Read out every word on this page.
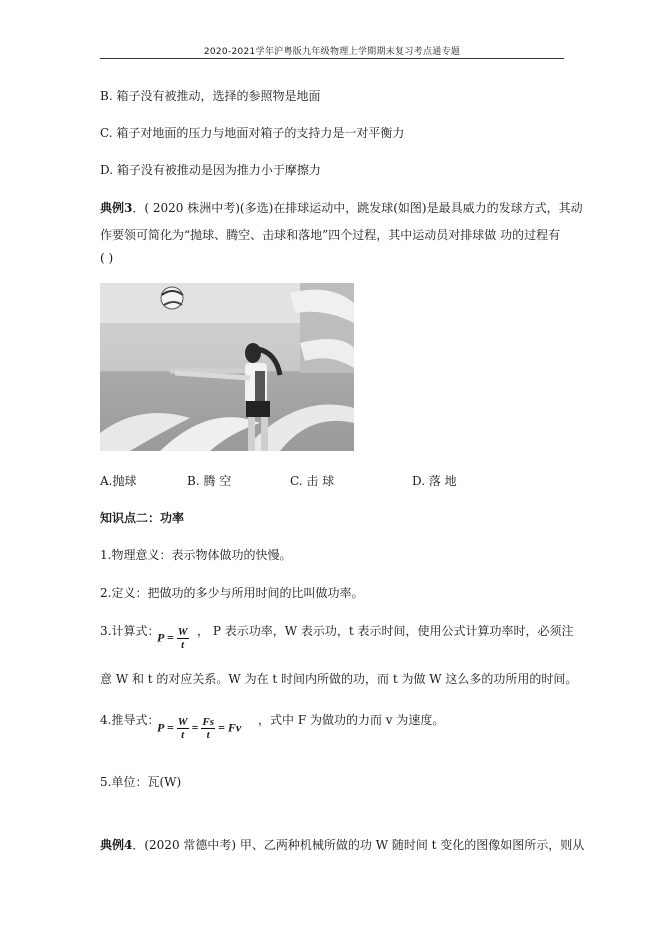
2020-2021学年沪粤版九年级物理上学期期末复习考点通专题
B. 箱子没有被推动，选择的参照物是地面
C. 箱子对地面的压力与地面对箱子的支持力是一对平衡力
D. 箱子没有被推动是因为推力小于摩擦力
典例3．( 2020 株洲中考)(多选)在排球运动中，跳发球(如图)是最具威力的发球方式，其动
作要领可简化为“抛球、腾空、击球和落地”四个过程，其中运动员对排球做 功的过程有
( )
A.抛球	B. 腾 空	C. 击 球	D. 落 地
知识点二：功率
1.物理意义：表示物体做功的快慢。
2.定义：把做功的多少与所用时间的比叫做功率。
3.计算式：
$P = \frac{W}{t}$ ， P 表示功率，W 表示功，t 表示时间，使用公式计算功率时，必须注
意 W 和 t 的对应关系。W 为在 t 时间内所做的功，而 t 为做 W 这么多的功所用的时间。
4.推导式：
$P = \frac{W}{t} = \frac{Fs}{t} = Fv$
，式中 F 为做功的力而 v 为速度。
5.单位：瓦(W)
典例4．(2020 常德中考) 甲、乙两种机械所做的功 W 随时间 t 变化的图像如图所示，则从
